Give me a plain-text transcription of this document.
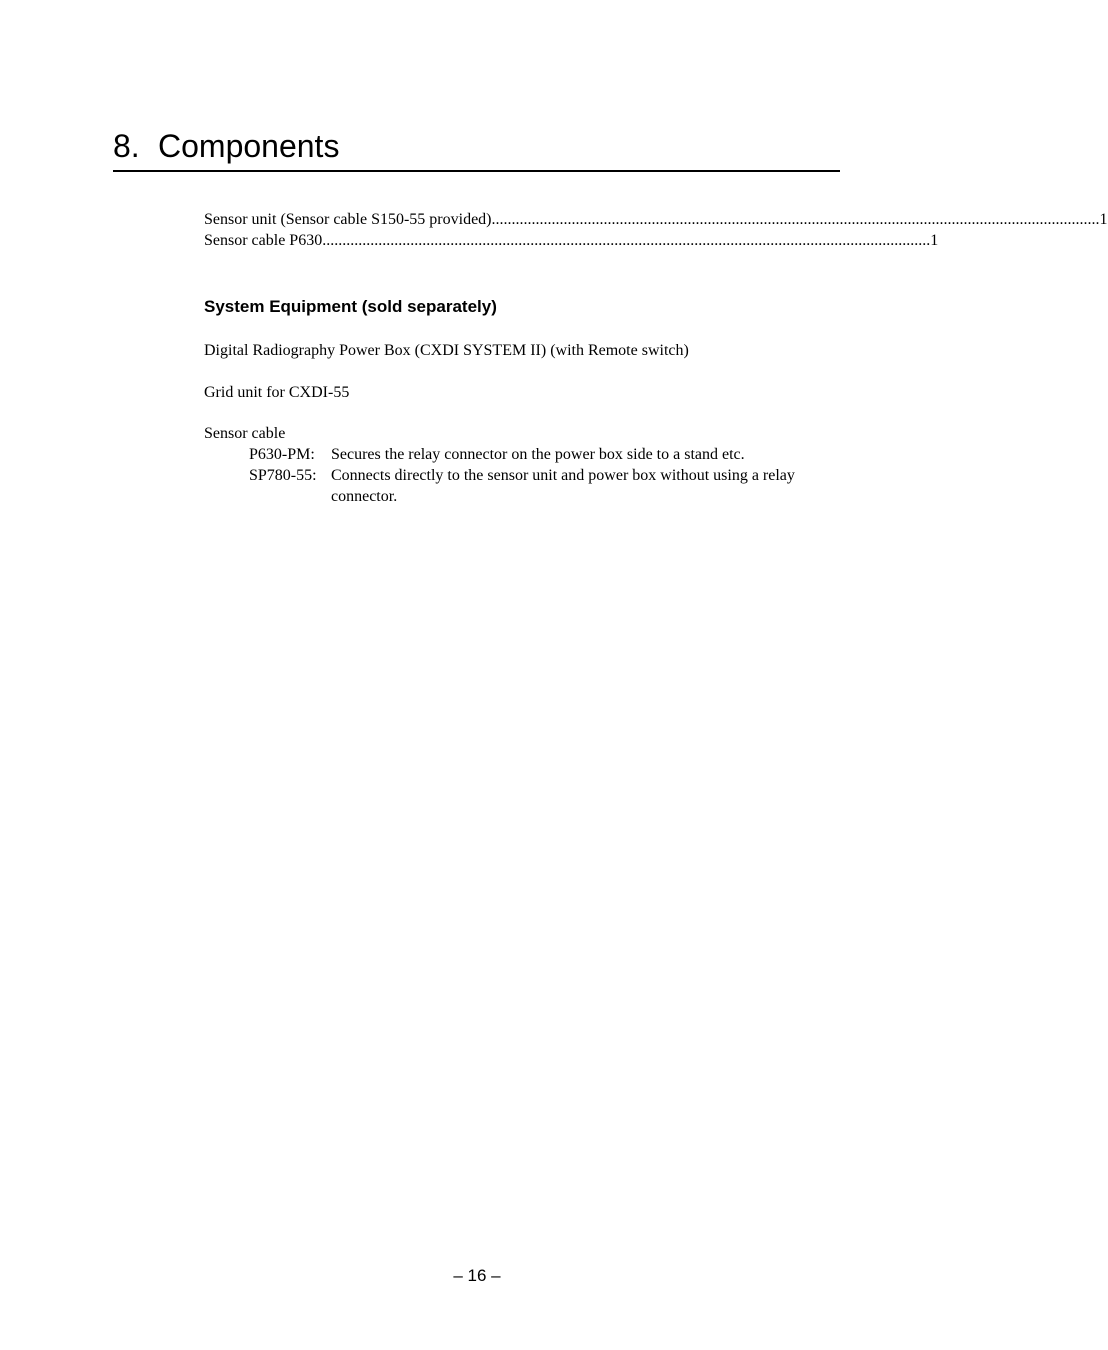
8. Components
Sensor unit (Sensor cable S150-55 provided) ........................................................................................................................................................ 1
Sensor cable P630 ........................................................................................................................................................ 1
System Equipment (sold separately)
Digital Radiography Power Box (CXDI SYSTEM II) (with Remote switch)
Grid unit for CXDI-55
Sensor cable
P630-PM:	Secures the relay connector on the power box side to a stand etc.
SP780-55: Connects directly to the sensor unit and power box without using a relay connector.
– 16 –
